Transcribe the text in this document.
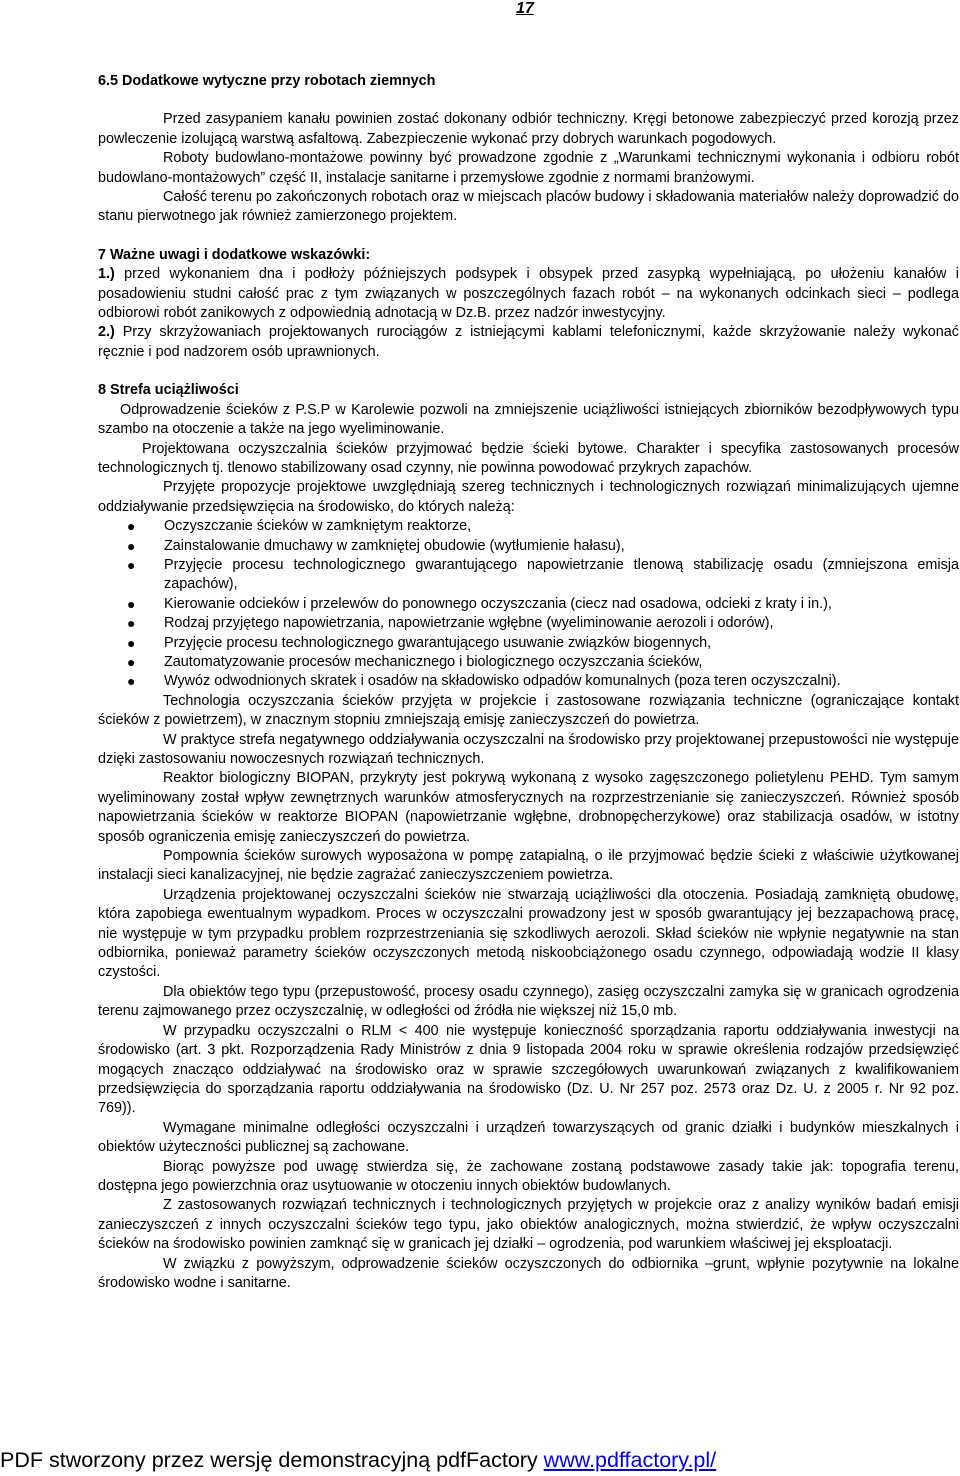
17
6.5 Dodatkowe wytyczne przy robotach ziemnych

Przed zasypaniem kanału powinien zostać dokonany odbiór techniczny. Kręgi betonowe zabezpieczyć przed korozją przez powleczenie izolującą warstwą asfaltową. Zabezpieczenie wykonać przy dobrych warunkach pogodowych.

Roboty budowlano-montażowe powinny być prowadzone zgodnie z „Warunkami technicznymi wykonania i odbioru robót budowlano-montażowych” część II, instalacje sanitarne i przemysłowe zgodnie z normami branżowymi.

Całość terenu po zakończonych robotach oraz w miejscach placów budowy i składowania materiałów należy doprowadzić do stanu pierwotnego jak również zamierzonego projektem.

7 Ważne uwagi i dodatkowe wskazówki:

1.) przed wykonaniem dna i podłoży późniejszych podsypek i obsypek przed zasypką wypełniającą, po ułożeniu kanałów i posadowieniu studni całość prac z tym związanych w poszczególnych fazach robót – na wykonanych odcinkach sieci – podlega odbiorowi robót zanikowych z odpowiednią adnotacją w Dz.B. przez nadzór inwestycyjny.

2.) Przy skrzyżowaniach projektowanych rurociągów z istniejącymi kablami telefonicznymi, każde skrzyżowanie należy wykonać ręcznie i pod nadzorem osób uprawnionych.

8 Strefa uciążliwości

Odprowadzenie ścieków z P.S.P w Karolewie pozwoli na zmniejszenie uciążliwości istniejących zbiorników bezodpływowych typu szambo na otoczenie a także na jego wyeliminowanie.

Projektowana oczyszczalnia ścieków przyjmować będzie ścieki bytowe. Charakter i specyfika zastosowanych procesów technologicznych tj. tlenowo stabilizowany osad czynny, nie powinna powodować przykrych zapachów.

Przyjęte propozycje projektowe uwzględniają szereg technicznych i technologicznych rozwiązań minimalizujących ujemne oddziaływanie przedsięwzięcia na środowisko, do których należą:

● Oczyszczanie ścieków w zamkniętym reaktorze,
● Zainstalowanie dmuchawy w zamkniętej obudowie (wytłumienie hałasu),
● Przyjęcie procesu technologicznego gwarantującego napowietrzanie tlenową stabilizację osadu (zmniejszona emisja zapachów),
● Kierowanie odcieków i przelewów do ponownego oczyszczania (ciecz nad osadowa, odcieki z kraty i in.),
● Rodzaj przyjętego napowietrzania, napowietrzanie wgłębne (wyeliminowanie aerozoli i odorów),
● Przyjęcie procesu technologicznego gwarantującego usuwanie związków biogennych,
● Zautomatyzowanie procesów mechanicznego i biologicznego oczyszczania ścieków,
● Wywóz odwodnionych skratek i osadów na składowisko odpadów komunalnych (poza teren oczyszczalni).

Technologia oczyszczania ścieków przyjęta w projekcie i zastosowane rozwiązania techniczne (ograniczające kontakt ścieków z powietrzem), w znacznym stopniu zmniejszają emisję zanieczyszczeń do powietrza.

W praktyce strefa negatywnego oddziaływania oczyszczalni na środowisko przy projektowanej przepustowości nie występuje dzięki zastosowaniu nowoczesnych rozwiązań technicznych.

Reaktor biologiczny BIOPAN, przykryty jest pokrywą wykonaną z wysoko zagęszczonego polietylenu PEHD. Tym samym wyeliminowany został wpływ zewnętrznych warunków atmosferycznych na rozprzestrzenianie się zanieczyszczeń. Również sposób napowietrzania ścieków w reaktorze BIOPAN (napowietrzanie wgłębne, drobnopęcherzykowe) oraz stabilizacja osadów, w istotny sposób ograniczenia emisję zanieczyszczeń do powietrza.

Pompownia ścieków surowych wyposażona w pompę zatapialną, o ile przyjmować będzie ścieki z właściwie użytkowanej instalacji sieci kanalizacyjnej, nie będzie zagrażać zanieczyszczeniem powietrza.

Urządzenia projektowanej oczyszczalni ścieków nie stwarzają uciążliwości dla otoczenia. Posiadają zamkniętą obudowę, która zapobiega ewentualnym wypadkom. Proces w oczyszczalni prowadzony jest w sposób gwarantujący jej bezzapachową pracę, nie występuje w tym przypadku problem rozprzestrzeniania się szkodliwych aerozoli. Skład ścieków nie wpłynie negatywnie na stan odbiornika, ponieważ parametry ścieków oczyszczonych metodą niskoobciążonego osadu czynnego, odpowiadają wodzie II klasy czystości.

Dla obiektów tego typu (przepustowość, procesy osadu czynnego), zasięg oczyszczalni zamyka się w granicach ogrodzenia terenu zajmowanego przez oczyszczalnię, w odległości od źródła nie większej niż 15,0 mb.

W przypadku oczyszczalni o RLM < 400 nie występuje konieczność sporządzania raportu oddziaływania inwestycji na środowisko (art. 3 pkt. Rozporządzenia Rady Ministrów z dnia 9 listopada 2004 roku w sprawie określenia rodzajów przedsięwzięć mogących znacząco oddziaływać na środowisko oraz w sprawie szczegółowych uwarunkowań związanych z kwalifikowaniem przedsięwzięcia do sporządzania raportu oddziaływania na środowisko (Dz. U. Nr 257 poz. 2573 oraz Dz. U. z 2005 r. Nr 92 poz. 769)).

Wymagane minimalne odległości oczyszczalni i urządzeń towarzyszących od granic działki i budynków mieszkalnych i obiektów użyteczności publicznej są zachowane.

Biorąc powyższe pod uwagę stwierdza się, że zachowane zostaną podstawowe zasady takie jak: topografia terenu, dostępna jego powierzchnia oraz usytuowanie w otoczeniu innych obiektów budowlanych.

Z zastosowanych rozwiązań technicznych i technologicznych przyjętych w projekcie oraz z analizy wyników badań emisji zanieczyszczeń z innych oczyszczalni ścieków tego typu, jako obiektów analogicznych, można stwierdzić, że wpływ oczyszczalni ścieków na środowisko powinien zamknąć się w granicach jej działki – ogrodzenia, pod warunkiem właściwej jej eksploatacji.

W związku z powyższym, odprowadzenie ścieków oczyszczonych do odbiornika –grunt, wpłynie pozytywnie na lokalne środowisko wodne i sanitarne.

PDF stworzony przez wersję demonstracyjną pdfFactory www.pdffactory.pl/
